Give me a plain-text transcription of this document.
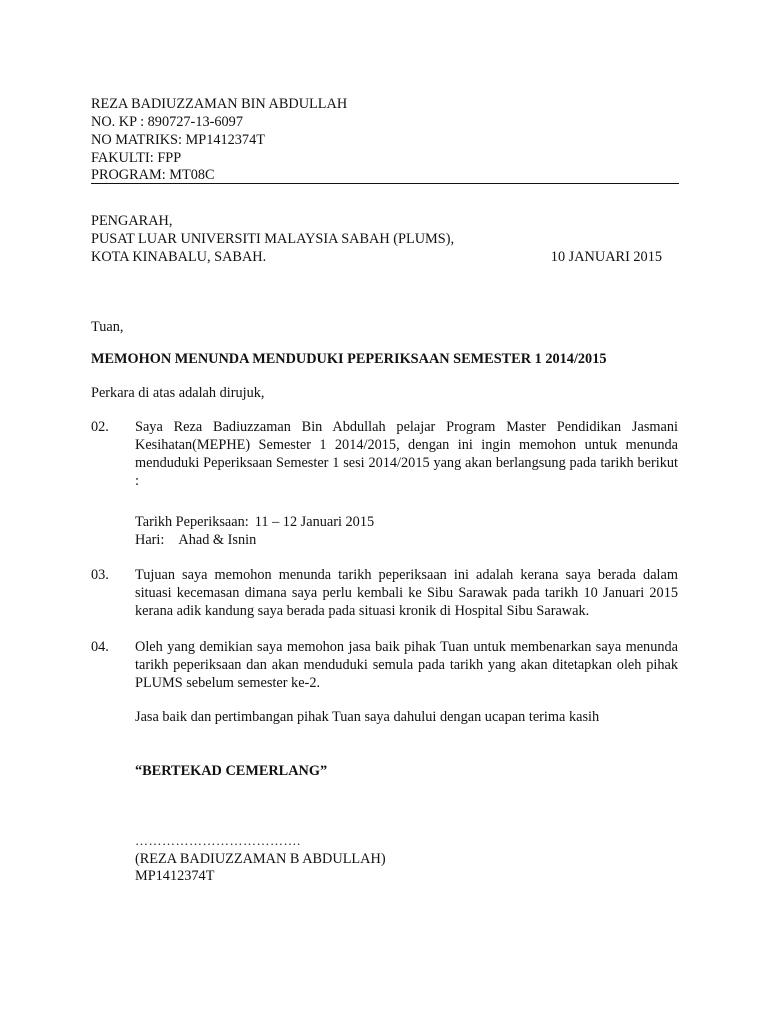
REZA BADIUZZAMAN BIN ABDULLAH
NO. KP : 890727-13-6097
NO MATRIKS: MP1412374T
FAKULTI: FPP
PROGRAM: MT08C
PENGARAH,
PUSAT LUAR UNIVERSITI MALAYSIA SABAH (PLUMS),
KOTA KINABALU, SABAH.	10 JANUARI 2015
Tuan,
MEMOHON MENUNDA MENDUDUKI PEPERIKSAAN SEMESTER 1 2014/2015
Perkara di atas adalah dirujuk,
02. Saya Reza Badiuzzaman Bin Abdullah pelajar Program Master Pendidikan Jasmani Kesihatan(MEPHE) Semester 1 2014/2015, dengan ini ingin memohon untuk menunda menduduki Peperiksaan Semester 1 sesi 2014/2015 yang akan berlangsung pada tarikh berikut :
Tarikh Peperiksaan: 11 – 12 Januari 2015
Hari: Ahad & Isnin
03. Tujuan saya memohon menunda tarikh peperiksaan ini adalah kerana saya berada dalam situasi kecemasan dimana saya perlu kembali ke Sibu Sarawak pada tarikh 10 Januari 2015 kerana adik kandung saya berada pada situasi kronik di Hospital Sibu Sarawak.
04. Oleh yang demikian saya memohon jasa baik pihak Tuan untuk membenarkan saya menunda tarikh peperiksaan dan akan menduduki semula pada tarikh yang akan ditetapkan oleh pihak PLUMS sebelum semester ke-2.
Jasa baik dan pertimbangan pihak Tuan saya dahului dengan ucapan terima kasih
“BERTEKAD CEMERLANG”
……………………………….
(REZA BADIUZZAMAN B ABDULLAH)
MP1412374T
